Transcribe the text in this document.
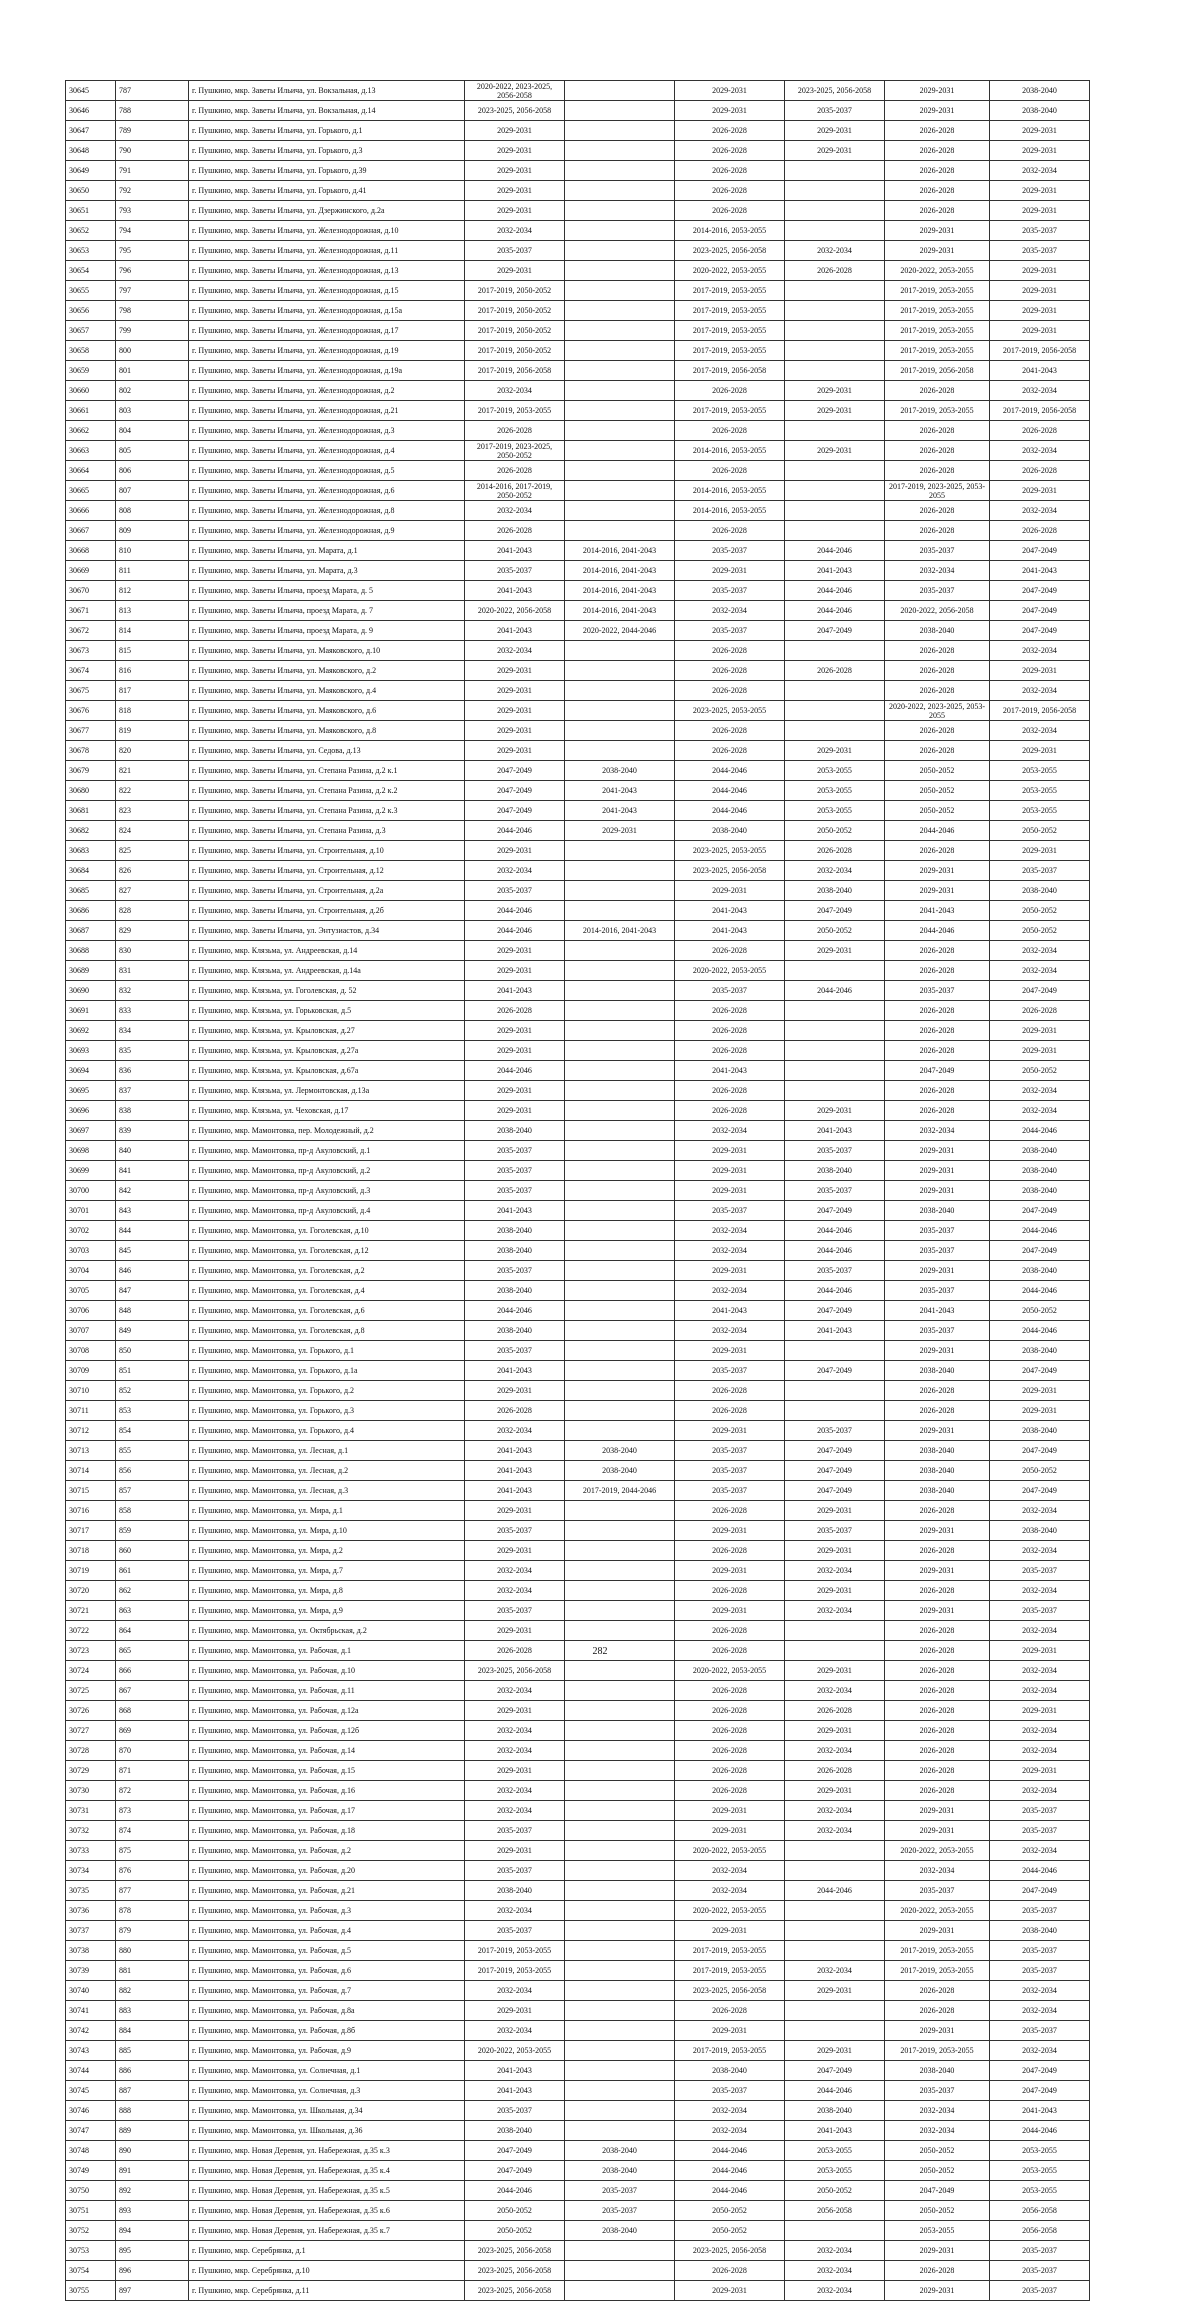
30645	787	г. Пушкино, мкр. Заветы Ильича, ул. Вокзальная, д.13	2020-2022, 2023-2025, 2056-2058		2029-2031	2023-2025, 2056-2058	2029-2031	2038-2040
30646	788	г. Пушкино, мкр. Заветы Ильича, ул. Вокзальная, д.14	2023-2025, 2056-2058		2029-2031	2035-2037	2029-2031	2038-2040
30647	789	г. Пушкино, мкр. Заветы Ильича, ул. Горького, д.1	2029-2031		2026-2028	2029-2031	2026-2028	2029-2031
30648	790	г. Пушкино, мкр. Заветы Ильича, ул. Горького, д.3	2029-2031		2026-2028	2029-2031	2026-2028	2029-2031
30649	791	г. Пушкино, мкр. Заветы Ильича, ул. Горького, д.39	2029-2031		2026-2028		2026-2028	2032-2034
30650	792	г. Пушкино, мкр. Заветы Ильича, ул. Горького, д.41	2029-2031		2026-2028		2026-2028	2029-2031
30651	793	г. Пушкино, мкр. Заветы Ильича, ул. Дзержинского, д.2а	2029-2031		2026-2028		2026-2028	2029-2031
30652	794	г. Пушкино, мкр. Заветы Ильича, ул. Железнодорожная, д.10	2032-2034		2014-2016, 2053-2055		2029-2031	2035-2037
30653	795	г. Пушкино, мкр. Заветы Ильича, ул. Железнодорожная, д.11	2035-2037		2023-2025, 2056-2058	2032-2034	2029-2031	2035-2037
30654	796	г. Пушкино, мкр. Заветы Ильича, ул. Железнодорожная, д.13	2029-2031		2020-2022, 2053-2055	2026-2028	2020-2022, 2053-2055	2029-2031
30655	797	г. Пушкино, мкр. Заветы Ильича, ул. Железнодорожная, д.15	2017-2019, 2050-2052		2017-2019, 2053-2055		2017-2019, 2053-2055	2029-2031
30656	798	г. Пушкино, мкр. Заветы Ильича, ул. Железнодорожная, д.15а	2017-2019, 2050-2052		2017-2019, 2053-2055		2017-2019, 2053-2055	2029-2031
30657	799	г. Пушкино, мкр. Заветы Ильича, ул. Железнодорожная, д.17	2017-2019, 2050-2052		2017-2019, 2053-2055		2017-2019, 2053-2055	2029-2031
30658	800	г. Пушкино, мкр. Заветы Ильича, ул. Железнодорожная, д.19	2017-2019, 2050-2052		2017-2019, 2053-2055		2017-2019, 2053-2055	2017-2019, 2056-2058
30659	801	г. Пушкино, мкр. Заветы Ильича, ул. Железнодорожная, д.19а	2017-2019, 2056-2058		2017-2019, 2056-2058		2017-2019, 2056-2058	2041-2043
30660	802	г. Пушкино, мкр. Заветы Ильича, ул. Железнодорожная, д.2	2032-2034		2026-2028	2029-2031	2026-2028	2032-2034
30661	803	г. Пушкино, мкр. Заветы Ильича, ул. Железнодорожная, д.21	2017-2019, 2053-2055		2017-2019, 2053-2055	2029-2031	2017-2019, 2053-2055	2017-2019, 2056-2058
30662	804	г. Пушкино, мкр. Заветы Ильича, ул. Железнодорожная, д.3	2026-2028		2026-2028		2026-2028	2026-2028
30663	805	г. Пушкино, мкр. Заветы Ильича, ул. Железнодорожная, д.4	2017-2019, 2023-2025, 2050-2052		2014-2016, 2053-2055	2029-2031	2026-2028	2032-2034
30664	806	г. Пушкино, мкр. Заветы Ильича, ул. Железнодорожная, д.5	2026-2028		2026-2028		2026-2028	2026-2028
30665	807	г. Пушкино, мкр. Заветы Ильича, ул. Железнодорожная, д.6	2014-2016, 2017-2019, 2050-2052		2014-2016, 2053-2055		2017-2019, 2023-2025, 2053-2055	2029-2031
30666	808	г. Пушкино, мкр. Заветы Ильича, ул. Железнодорожная, д.8	2032-2034		2014-2016, 2053-2055		2026-2028	2032-2034
30667	809	г. Пушкино, мкр. Заветы Ильича, ул. Железнодорожная, д.9	2026-2028		2026-2028		2026-2028	2026-2028
30668	810	г. Пушкино, мкр. Заветы Ильича, ул. Марата, д.1	2041-2043	2014-2016, 2041-2043	2035-2037	2044-2046	2035-2037	2047-2049
30669	811	г. Пушкино, мкр. Заветы Ильича, ул. Марата, д.3	2035-2037	2014-2016, 2041-2043	2029-2031	2041-2043	2032-2034	2041-2043
30670	812	г. Пушкино, мкр. Заветы Ильича, проезд Марата, д. 5	2041-2043	2014-2016, 2041-2043	2035-2037	2044-2046	2035-2037	2047-2049
30671	813	г. Пушкино, мкр. Заветы Ильича, проезд Марата, д. 7	2020-2022, 2056-2058	2014-2016, 2041-2043	2032-2034	2044-2046	2020-2022, 2056-2058	2047-2049
30672	814	г. Пушкино, мкр. Заветы Ильича, проезд Марата, д. 9	2041-2043	2020-2022, 2044-2046	2035-2037	2047-2049	2038-2040	2047-2049
30673	815	г. Пушкино, мкр. Заветы Ильича, ул. Маяковского, д.10	2032-2034		2026-2028		2026-2028	2032-2034
30674	816	г. Пушкино, мкр. Заветы Ильича, ул. Маяковского, д.2	2029-2031		2026-2028	2026-2028	2026-2028	2029-2031
30675	817	г. Пушкино, мкр. Заветы Ильича, ул. Маяковского, д.4	2029-2031		2026-2028		2026-2028	2032-2034
30676	818	г. Пушкино, мкр. Заветы Ильича, ул. Маяковского, д.6	2029-2031		2023-2025, 2053-2055		2020-2022, 2023-2025, 2053-2055	2017-2019, 2056-2058
30677	819	г. Пушкино, мкр. Заветы Ильича, ул. Маяковского, д.8	2029-2031		2026-2028		2026-2028	2032-2034
30678	820	г. Пушкино, мкр. Заветы Ильича, ул. Седова, д.13	2029-2031		2026-2028	2029-2031	2026-2028	2029-2031
30679	821	г. Пушкино, мкр. Заветы Ильича, ул. Степана Разина, д.2 к.1	2047-2049	2038-2040	2044-2046	2053-2055	2050-2052	2053-2055
30680	822	г. Пушкино, мкр. Заветы Ильича, ул. Степана Разина, д.2 к.2	2047-2049	2041-2043	2044-2046	2053-2055	2050-2052	2053-2055
30681	823	г. Пушкино, мкр. Заветы Ильича, ул. Степана Разина, д.2 к.3	2047-2049	2041-2043	2044-2046	2053-2055	2050-2052	2053-2055
30682	824	г. Пушкино, мкр. Заветы Ильича, ул. Степана Разина, д.3	2044-2046	2029-2031	2038-2040	2050-2052	2044-2046	2050-2052
30683	825	г. Пушкино, мкр. Заветы Ильича, ул. Строительная, д.10	2029-2031		2023-2025, 2053-2055	2026-2028	2026-2028	2029-2031
30684	826	г. Пушкино, мкр. Заветы Ильича, ул. Строительная, д.12	2032-2034		2023-2025, 2056-2058	2032-2034	2029-2031	2035-2037
30685	827	г. Пушкино, мкр. Заветы Ильича, ул. Строительная, д.2а	2035-2037		2029-2031	2038-2040	2029-2031	2038-2040
30686	828	г. Пушкино, мкр. Заветы Ильича, ул. Строительная, д.2б	2044-2046		2041-2043	2047-2049	2041-2043	2050-2052
30687	829	г. Пушкино, мкр. Заветы Ильича, ул. Энтузиастов, д.34	2044-2046	2014-2016, 2041-2043	2041-2043	2050-2052	2044-2046	2050-2052
30688	830	г. Пушкино, мкр. Клязьма, ул. Андреевская, д.14	2029-2031		2026-2028	2029-2031	2026-2028	2032-2034
30689	831	г. Пушкино, мкр. Клязьма, ул. Андреевская, д.14а	2029-2031		2020-2022, 2053-2055		2026-2028	2032-2034
30690	832	г. Пушкино, мкр. Клязьма, ул. Гоголевская, д. 52	2041-2043		2035-2037	2044-2046	2035-2037	2047-2049
30691	833	г. Пушкино, мкр. Клязьма, ул. Горьковская, д.5	2026-2028		2026-2028		2026-2028	2026-2028
30692	834	г. Пушкино, мкр. Клязьма, ул. Крыловская, д.27	2029-2031		2026-2028		2026-2028	2029-2031
30693	835	г. Пушкино, мкр. Клязьма, ул. Крыловская, д.27а	2029-2031		2026-2028		2026-2028	2029-2031
30694	836	г. Пушкино, мкр. Клязьма, ул. Крыловская, д.67а	2044-2046		2041-2043		2047-2049	2050-2052
30695	837	г. Пушкино, мкр. Клязьма, ул. Лермонтовская, д.13а	2029-2031		2026-2028		2026-2028	2032-2034
30696	838	г. Пушкино, мкр. Клязьма, ул. Чеховская, д.17	2029-2031		2026-2028	2029-2031	2026-2028	2032-2034
30697	839	г. Пушкино, мкр. Мамонтовка, пер. Молодежный, д.2	2038-2040		2032-2034	2041-2043	2032-2034	2044-2046
30698	840	г. Пушкино, мкр. Мамонтовка, пр-д Акуловский, д.1	2035-2037		2029-2031	2035-2037	2029-2031	2038-2040
30699	841	г. Пушкино, мкр. Мамонтовка, пр-д Акуловский, д.2	2035-2037		2029-2031	2038-2040	2029-2031	2038-2040
30700	842	г. Пушкино, мкр. Мамонтовка, пр-д Акуловский, д.3	2035-2037		2029-2031	2035-2037	2029-2031	2038-2040
30701	843	г. Пушкино, мкр. Мамонтовка, пр-д Акуловский, д.4	2041-2043		2035-2037	2047-2049	2038-2040	2047-2049
30702	844	г. Пушкино, мкр. Мамонтовка, ул. Гоголевская, д.10	2038-2040		2032-2034	2044-2046	2035-2037	2044-2046
30703	845	г. Пушкино, мкр. Мамонтовка, ул. Гоголевская, д.12	2038-2040		2032-2034	2044-2046	2035-2037	2047-2049
30704	846	г. Пушкино, мкр. Мамонтовка, ул. Гоголевская, д.2	2035-2037		2029-2031	2035-2037	2029-2031	2038-2040
30705	847	г. Пушкино, мкр. Мамонтовка, ул. Гоголевская, д.4	2038-2040		2032-2034	2044-2046	2035-2037	2044-2046
30706	848	г. Пушкино, мкр. Мамонтовка, ул. Гоголевская, д.6	2044-2046		2041-2043	2047-2049	2041-2043	2050-2052
30707	849	г. Пушкино, мкр. Мамонтовка, ул. Гоголевская, д.8	2038-2040		2032-2034	2041-2043	2035-2037	2044-2046
30708	850	г. Пушкино, мкр. Мамонтовка, ул. Горького, д.1	2035-2037		2029-2031		2029-2031	2038-2040
30709	851	г. Пушкино, мкр. Мамонтовка, ул. Горького, д.1а	2041-2043		2035-2037	2047-2049	2038-2040	2047-2049
30710	852	г. Пушкино, мкр. Мамонтовка, ул. Горького, д.2	2029-2031		2026-2028		2026-2028	2029-2031
30711	853	г. Пушкино, мкр. Мамонтовка, ул. Горького, д.3	2026-2028		2026-2028		2026-2028	2029-2031
30712	854	г. Пушкино, мкр. Мамонтовка, ул. Горького, д.4	2032-2034		2029-2031	2035-2037	2029-2031	2038-2040
30713	855	г. Пушкино, мкр. Мамонтовка, ул. Лесная, д.1	2041-2043	2038-2040	2035-2037	2047-2049	2038-2040	2047-2049
30714	856	г. Пушкино, мкр. Мамонтовка, ул. Лесная, д.2	2041-2043	2038-2040	2035-2037	2047-2049	2038-2040	2050-2052
30715	857	г. Пушкино, мкр. Мамонтовка, ул. Лесная, д.3	2041-2043	2017-2019, 2044-2046	2035-2037	2047-2049	2038-2040	2047-2049
30716	858	г. Пушкино, мкр. Мамонтовка, ул. Мира, д.1	2029-2031		2026-2028	2029-2031	2026-2028	2032-2034
30717	859	г. Пушкино, мкр. Мамонтовка, ул. Мира, д.10	2035-2037		2029-2031	2035-2037	2029-2031	2038-2040
30718	860	г. Пушкино, мкр. Мамонтовка, ул. Мира, д.2	2029-2031		2026-2028	2029-2031	2026-2028	2032-2034
30719	861	г. Пушкино, мкр. Мамонтовка, ул. Мира, д.7	2032-2034		2029-2031	2032-2034	2029-2031	2035-2037
30720	862	г. Пушкино, мкр. Мамонтовка, ул. Мира, д.8	2032-2034		2026-2028	2029-2031	2026-2028	2032-2034
30721	863	г. Пушкино, мкр. Мамонтовка, ул. Мира, д.9	2035-2037		2029-2031	2032-2034	2029-2031	2035-2037
30722	864	г. Пушкино, мкр. Мамонтовка, ул. Октябрьская, д.2	2029-2031		2026-2028		2026-2028	2032-2034
30723	865	г. Пушкино, мкр. Мамонтовка, ул. Рабочая, д.1	2026-2028		2026-2028		2026-2028	2029-2031
30724	866	г. Пушкино, мкр. Мамонтовка, ул. Рабочая, д.10	2023-2025, 2056-2058		2020-2022, 2053-2055	2029-2031	2026-2028	2032-2034
30725	867	г. Пушкино, мкр. Мамонтовка, ул. Рабочая, д.11	2032-2034		2026-2028	2032-2034	2026-2028	2032-2034
30726	868	г. Пушкино, мкр. Мамонтовка, ул. Рабочая, д.12а	2029-2031		2026-2028	2026-2028	2026-2028	2029-2031
30727	869	г. Пушкино, мкр. Мамонтовка, ул. Рабочая, д.12б	2032-2034		2026-2028	2029-2031	2026-2028	2032-2034
30728	870	г. Пушкино, мкр. Мамонтовка, ул. Рабочая, д.14	2032-2034		2026-2028	2032-2034	2026-2028	2032-2034
30729	871	г. Пушкино, мкр. Мамонтовка, ул. Рабочая, д.15	2029-2031		2026-2028	2026-2028	2026-2028	2029-2031
30730	872	г. Пушкино, мкр. Мамонтовка, ул. Рабочая, д.16	2032-2034		2026-2028	2029-2031	2026-2028	2032-2034
30731	873	г. Пушкино, мкр. Мамонтовка, ул. Рабочая, д.17	2032-2034		2029-2031	2032-2034	2029-2031	2035-2037
30732	874	г. Пушкино, мкр. Мамонтовка, ул. Рабочая, д.18	2035-2037		2029-2031	2032-2034	2029-2031	2035-2037
30733	875	г. Пушкино, мкр. Мамонтовка, ул. Рабочая, д.2	2029-2031		2020-2022, 2053-2055		2020-2022, 2053-2055	2032-2034
30734	876	г. Пушкино, мкр. Мамонтовка, ул. Рабочая, д.20	2035-2037		2032-2034		2032-2034	2044-2046
30735	877	г. Пушкино, мкр. Мамонтовка, ул. Рабочая, д.21	2038-2040		2032-2034	2044-2046	2035-2037	2047-2049
30736	878	г. Пушкино, мкр. Мамонтовка, ул. Рабочая, д.3	2032-2034		2020-2022, 2053-2055		2020-2022, 2053-2055	2035-2037
30737	879	г. Пушкино, мкр. Мамонтовка, ул. Рабочая, д.4	2035-2037		2029-2031		2029-2031	2038-2040
30738	880	г. Пушкино, мкр. Мамонтовка, ул. Рабочая, д.5	2017-2019, 2053-2055		2017-2019, 2053-2055		2017-2019, 2053-2055	2035-2037
30739	881	г. Пушкино, мкр. Мамонтовка, ул. Рабочая, д.6	2017-2019, 2053-2055		2017-2019, 2053-2055	2032-2034	2017-2019, 2053-2055	2035-2037
30740	882	г. Пушкино, мкр. Мамонтовка, ул. Рабочая, д.7	2032-2034		2023-2025, 2056-2058	2029-2031	2026-2028	2032-2034
30741	883	г. Пушкино, мкр. Мамонтовка, ул. Рабочая, д.8а	2029-2031		2026-2028		2026-2028	2032-2034
30742	884	г. Пушкино, мкр. Мамонтовка, ул. Рабочая, д.8б	2032-2034		2029-2031		2029-2031	2035-2037
30743	885	г. Пушкино, мкр. Мамонтовка, ул. Рабочая, д.9	2020-2022, 2053-2055		2017-2019, 2053-2055	2029-2031	2017-2019, 2053-2055	2032-2034
30744	886	г. Пушкино, мкр. Мамонтовка, ул. Солнечная, д.1	2041-2043		2038-2040	2047-2049	2038-2040	2047-2049
30745	887	г. Пушкино, мкр. Мамонтовка, ул. Солнечная, д.3	2041-2043		2035-2037	2044-2046	2035-2037	2047-2049
30746	888	г. Пушкино, мкр. Мамонтовка, ул. Школьная, д.34	2035-2037		2032-2034	2038-2040	2032-2034	2041-2043
30747	889	г. Пушкино, мкр. Мамонтовка, ул. Школьная, д.36	2038-2040		2032-2034	2041-2043	2032-2034	2044-2046
30748	890	г. Пушкино, мкр. Новая Деревня, ул. Набережная, д.35 к.3	2047-2049	2038-2040	2044-2046	2053-2055	2050-2052	2053-2055
30749	891	г. Пушкино, мкр. Новая Деревня, ул. Набережная, д.35 к.4	2047-2049	2038-2040	2044-2046	2053-2055	2050-2052	2053-2055
30750	892	г. Пушкино, мкр. Новая Деревня, ул. Набережная, д.35 к.5	2044-2046	2035-2037	2044-2046	2050-2052	2047-2049	2053-2055
30751	893	г. Пушкино, мкр. Новая Деревня, ул. Набережная, д.35 к.6	2050-2052	2035-2037	2050-2052	2056-2058	2050-2052	2056-2058
30752	894	г. Пушкино, мкр. Новая Деревня, ул. Набережная, д.35 к.7	2050-2052	2038-2040	2050-2052		2053-2055	2056-2058
30753	895	г. Пушкино, мкр. Серебрянка, д.1	2023-2025, 2056-2058		2023-2025, 2056-2058	2032-2034	2029-2031	2035-2037
30754	896	г. Пушкино, мкр. Серебрянка, д.10	2023-2025, 2056-2058		2026-2028	2032-2034	2026-2028	2035-2037
30755	897	г. Пушкино, мкр. Серебрянка, д.11	2023-2025, 2056-2058		2029-2031	2032-2034	2029-2031	2035-2037
282
